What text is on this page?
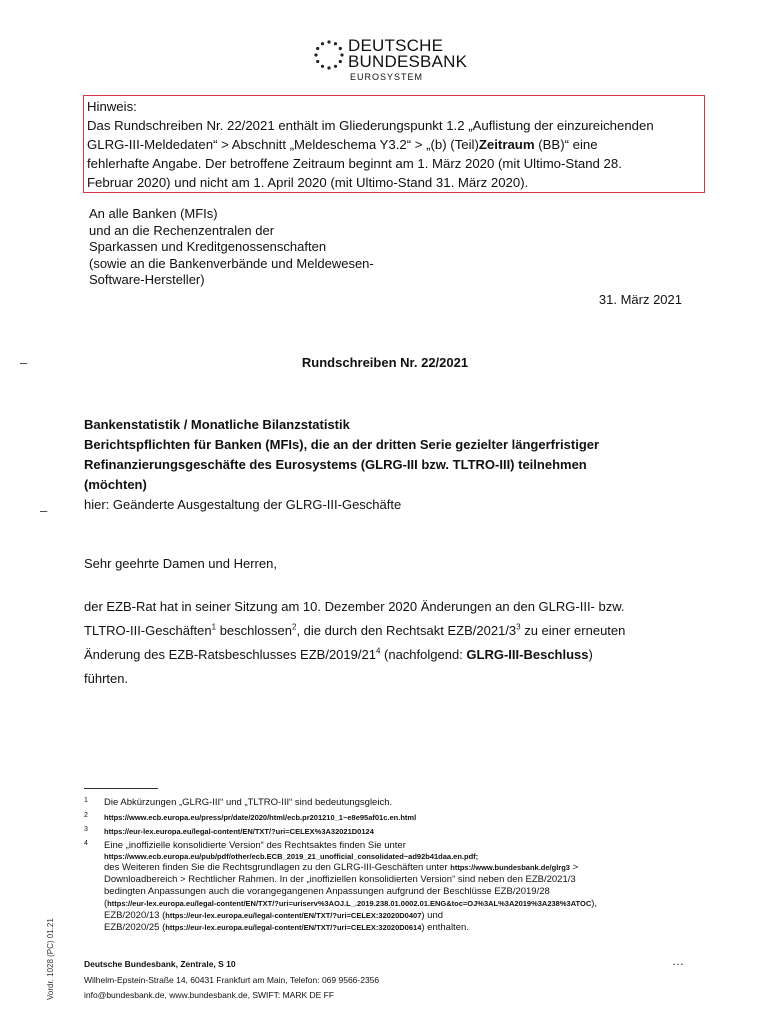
DEUTSCHE
BUNDESBANK
EUROSYSTEM
Hinweis:
Das Rundschreiben Nr. 22/2021 enthält im Gliederungspunkt 1.2 „Auflistung der einzureichenden
GLRG-III-Meldedaten“ > Abschnitt „Meldeschema Y3.2“ > „(b) (Teil)Zeitraum (BB)“ eine
fehlerhafte Angabe. Der betroffene Zeitraum beginnt am 1. März 2020 (mit Ultimo-Stand 28.
Februar 2020) und nicht am 1. April 2020 (mit Ultimo-Stand 31. März 2020).
An alle Banken (MFIs)
und an die Rechenzentralen der
Sparkassen und Kreditgenossenschaften
(sowie an die Bankenverbände und Meldewesen-
Software-Hersteller)
31. März 2021
–
–
Rundschreiben Nr. 22/2021
Bankenstatistik / Monatliche Bilanzstatistik
Berichtspflichten für Banken (MFIs), die an der dritten Serie gezielter längerfristiger
Refinanzierungsgeschäfte des Eurosystems (GLRG-III bzw. TLTRO-III) teilnehmen
(möchten)
hier: Geänderte Ausgestaltung der GLRG-III-Geschäfte
Sehr geehrte Damen und Herren,
der EZB-Rat hat in seiner Sitzung am 10. Dezember 2020 Änderungen an den GLRG-III- bzw.
TLTRO-III-Geschäften$^1$ beschlossen$^2$, die durch den Rechtsakt EZB/$2021/3^3$ zu einer erneuten
Änderung des EZB-Ratsbeschlusses EZB/$2019/21^4$ (nachfolgend: GLRG-III-Beschluss)
führten.
1 Die Abkürzungen „GLRG-III“ und „TLTRO-III“ sind bedeutungsgleich.
2 https://www.ecb.europa.eu/press/pr/date/2020/html/ecb.pr201210_1~e8e95af01c.en.html
3 https://eur-lex.europa.eu/legal-content/EN/TXT/?uri=CELEX%3A32021D0124
4 Eine „inoffizielle konsolidierte Version“ des Rechtsaktes finden Sie unter
https://www.ecb.europa.eu/pub/pdf/other/ecb.ECB_2019_21_unofficial_consolidated~ad92b41daa.en.pdf;
des Weiteren finden Sie die Rechtsgrundlagen zu den GLRG-III-Geschäften unter https://www.bundesbank.de/glrg3 >
Downloadbereich > Rechtlicher Rahmen. In der „inoffiziellen konsolidierten Version“ sind neben den EZB/2021/3
bedingten Anpassungen auch die vorangegangenen Anpassungen aufgrund der Beschlüsse EZB/2019/28
(https://eur-lex.europa.eu/legal-content/EN/TXT/?uri=uriserv%3AOJ.L_.2019.238.01.0002.01.ENG&toc=OJ%3AL%3A2019%3A238%3ATOC),
EZB/2020/13 (https://eur-lex.europa.eu/legal-content/EN/TXT/?uri=CELEX:32020D0407) und
EZB/2020/25 (https://eur-lex.europa.eu/legal-content/EN/TXT/?uri=CELEX:32020D0614) enthalten.
Vordr. 1028 (PC) 01.21	…
Deutsche Bundesbank, Zentrale, S 10
Wilhelm-Epstein-Straße 14, 60431 Frankfurt am Main, Telefon: 069 9566-2356
info@bundesbank.de, www.bundesbank.de, SWIFT: MARK DE FF
